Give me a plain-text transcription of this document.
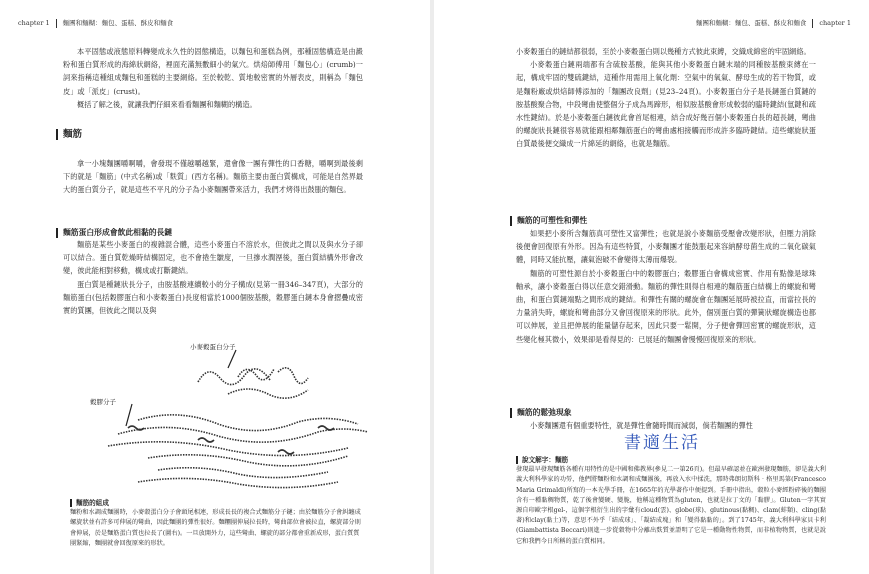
chapter 1 麵團和麵糊：麵包、蛋糕、酥皮和麵食

本平固態或液態原料轉變成永久性的固態構造，以麵包和蛋糕為例，那種固態構造是由澱粉和蛋白質形成的海綿狀網絡，裡面充滿無數細小的氣穴。烘焙師傅用「麵包心」(crumb)一詞來指稱這種組成麵包和蛋糕的主要網絡。至於較乾、質地較密實的外層表皮，則稱為「麵包皮」或「派皮」(crust)。

概括了解之後，就讓我們仔細來看看麵團和麵糊的構造。

麵筋

拿一小塊麵團嚼啊嚼，會發現不僅越嚼越緊，還會像一團有彈性的口香糖，嚼啊到最後剩下的就是「麵筋」(中式名稱)或「麩質」(西方名稱)。麵筋主要由蛋白質構成，可能是自然界最大的蛋白質分子，就是這些不平凡的分子為小麥麵團帶來活力，我們才烤得出鼓脹的麵包。

麵筋蛋白形成會飲此相黏的長鏈

麵筋是某些小麥蛋白的複雜混合體，這些小麥蛋白不溶於水，但彼此之間以及與水分子卻可以結合。蛋白質乾燥時結構固定，也不會捲生皺度，一旦摻水潤溼後，蛋白質結構外形會改變，彼此能相對移動，構成或打斷鍵結。

蛋白質是種鏈狀長分子，由胺基酸連續較小的分子構成(見第一冊346–347頁)，大部分的麵筋蛋白(包括穀膠蛋白和小麥穀蛋白)長度相當於1000個胺基酸，穀膠蛋白鏈本身會摺疊成密實的質團，但彼此之間以及與

小麥穀蛋白分子
穀膠分子
麵筋的組成
麵粉和水調成麵團時，小麥穀蛋白分子會頭尾相連，形成長長的複合式麵筋分子鏈；由於麵筋分子會糾纏成螺旋狀並有許多可伸展的彎曲，因此麵團的彈性很好。麵糰團伸展拉長時，彎曲部位會被拉直，螺旋部分則會伸展，於是麵筋蛋白質也拉長了(圖右)。一旦放開外力，這些彎曲、螺旋的部分都會重新成形，蛋白質質團緊縮，麵團就會回復原來的形狀。
麵團和麵糊：麵包、蛋糕、酥皮和麵食 chapter 1

小麥穀蛋白的鏈結都很弱，至於小麥穀蛋白則以幾種方式彼此束縛，交織成綿密的牢固網絡。

小麥穀蛋白鏈兩端都有含硫胺基酸，能與其他小麥穀蛋白鏈末端的同種胺基酸束縛在一起，構成牢固的雙硫鍵結，這種作用需用上氧化劑：空氣中的氧氣、酵母生成的若干物質，或是麵粉廠或烘焙師傅添加的「麵團改良劑」(見23–24頁)。小麥穀蛋白分子是長鏈蛋白質鏈的胺基酸聚合物，中段彎曲使整個分子成為馬蹄形，相似胺基酸會形成較弱的臨時鍵結(氫鍵和疏水性鍵結)。於是小麥穀蛋白鏈彼此會首尾相連，結合成好幾百個小麥穀蛋白長的超長鏈，彎曲的螺旋狀長鏈很容易就能跟相鄰麵筋蛋白的彎曲處相接觸而形成許多臨時鍵結。這些螺旋狀蛋白質最後便交織成一片綿延的網絡，也就是麵筋。

麵筋的可塑性和彈性

如果把小麥所含麵筋真可塑性又富彈性；也就是說小麥麵筋受壓會改變形狀，但壓力消除後便會回復原有外形。因為有這些特質，小麥麵團才能鼓脹起來容納酵母菌生成的二氧化碳氣體，同時又能抗壓，讓氣泡破不會變得太薄而爆裂。

麵筋的可塑性源自於小麥穀蛋白中的穀膠蛋白；穀膠蛋白會構成密實、作用有點像是球珠軸承，讓小麥穀蛋白得以任意交錯滑動。麵筋的彈性則得自相連的麵筋蛋白結構上的螺旋和彎曲，和蛋白質鏈端點之間形成的鍵結。和彈性有關的螺旋會在麵團延展時被拉直，而當拉長的力量消失時，螺旋和彎曲部分又會回復原來的形狀。此外，個別蛋白質的彈簧狀螺旋構造也都可以伸展，並且把伸展的能量儲存起來，因此只要一鬆開，分子便會彈回密實的螺旋形狀，這些變化極其微小，效果卻是看得見的：已展延的麵團會慢慢回復原來的形狀。

麵筋的鬆弛現象

小麥麵團還有個重要特性，就是彈性會隨時間而減弱，倘若麵團的彈性

說文解字：麵筋

發現最早發現麵筋各種有用特性的是中國和佛教界(參見二一第26頁)。但最早確認並在歐洲發現麵筋，卻是義大利義大利科學家的功勞，他們將麵粉和水調和成麵團後，再放入水中揉洗，那時弗朗切斯科‧格里馬第(Francesco Maria Grimaldi)所寫的一本光學手冊，在1665年的光學著作中便提到。手冊中指出，穀粒小麥經粉碎後的麵團含有一種黏稠物質，乾了後會變硬、變脆，他稱這種物質為gluten，也就是拉丁文的「黏膠」。Gluten一字其實源自印歐字根gel-，這個字根衍生出的字彙有cloud(雲)、globe(球)、glutinous(黏稠)、clam(蚌類)、cling(黏著)和clay(黏土)等，意思不外乎「結成球」、「凝結成塊」和「變得黏黏的」。到了1745年，義大利科學家貝卡利(Giambattista Beccari)則進一步從穀物中分離出麩質並證明了它是一種動物性物質，而非植物物質，也就是說它和我們今日所稱的蛋白質相同。

書適生活
